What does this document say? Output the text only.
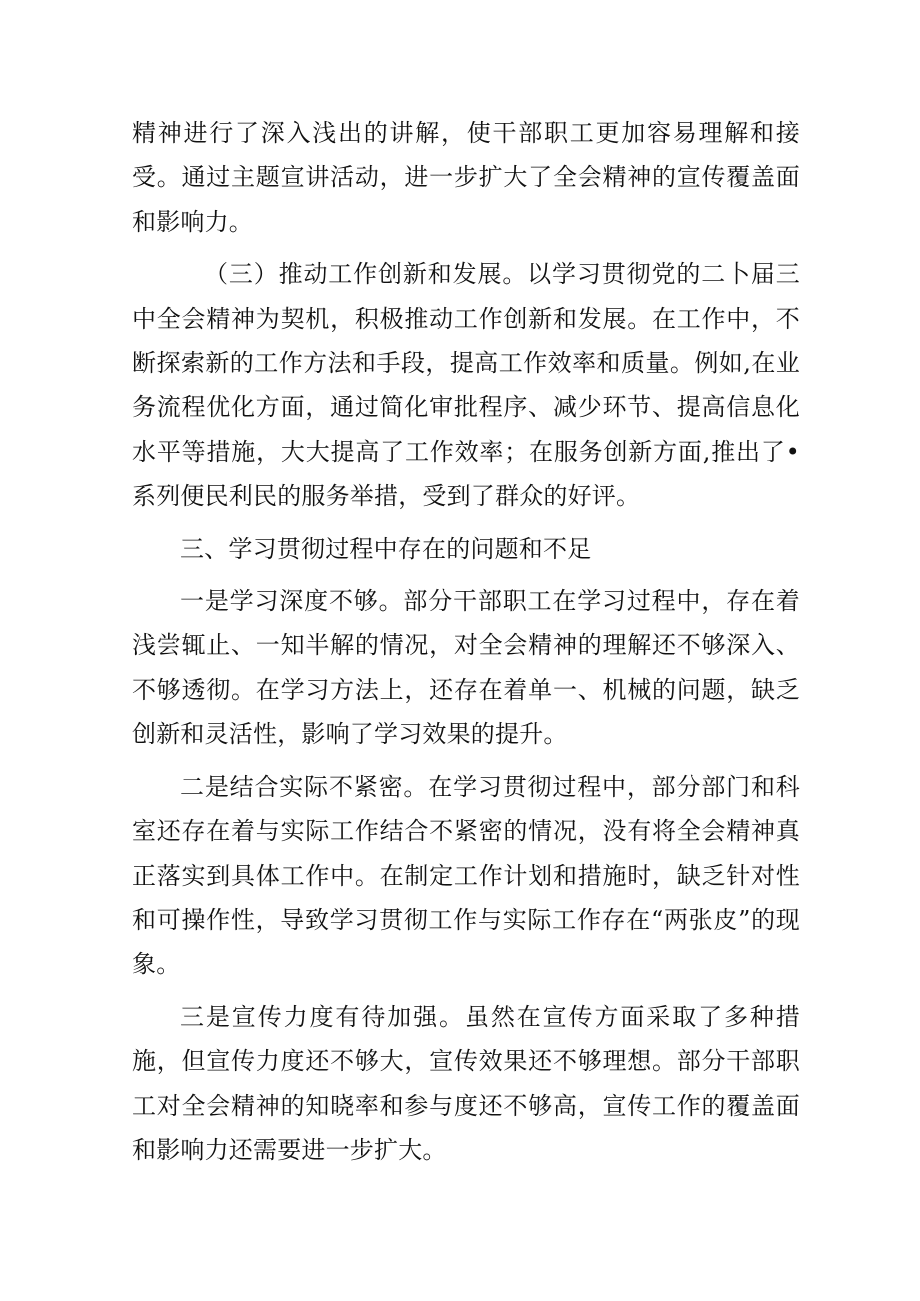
精神进行了深入浅出的讲解，使干部职工更加容易理解和接受。通过主题宣讲活动，进一步扩大了全会精神的宣传覆盖面和影响力。

（三）推动工作创新和发展。以学习贯彻党的二卜届三中全会精神为契机，积极推动工作创新和发展。在工作中，不断探索新的工作方法和手段，提高工作效率和质量。例如,在业务流程优化方面，通过简化审批程序、减少环节、提高信息化水平等措施，大大提高了工作效率；在服务创新方面,推出了•系列便民利民的服务举措，受到了群众的好评。

三、学习贯彻过程中存在的问题和不足

一是学习深度不够。部分干部职工在学习过程中，存在着浅尝辄止、一知半解的情况，对全会精神的理解还不够深入、不够透彻。在学习方法上，还存在着单一、机械的问题，缺乏创新和灵活性，影响了学习效果的提升。

二是结合实际不紧密。在学习贯彻过程中，部分部门和科室还存在着与实际工作结合不紧密的情况，没有将全会精神真正落实到具体工作中。在制定工作计划和措施时，缺乏针对性和可操作性，导致学习贯彻工作与实际工作存在“两张皮”的现象。

三是宣传力度有待加强。虽然在宣传方面采取了多种措施，但宣传力度还不够大，宣传效果还不够理想。部分干部职工对全会精神的知晓率和参与度还不够高，宣传工作的覆盖面和影响力还需要进一步扩大。
